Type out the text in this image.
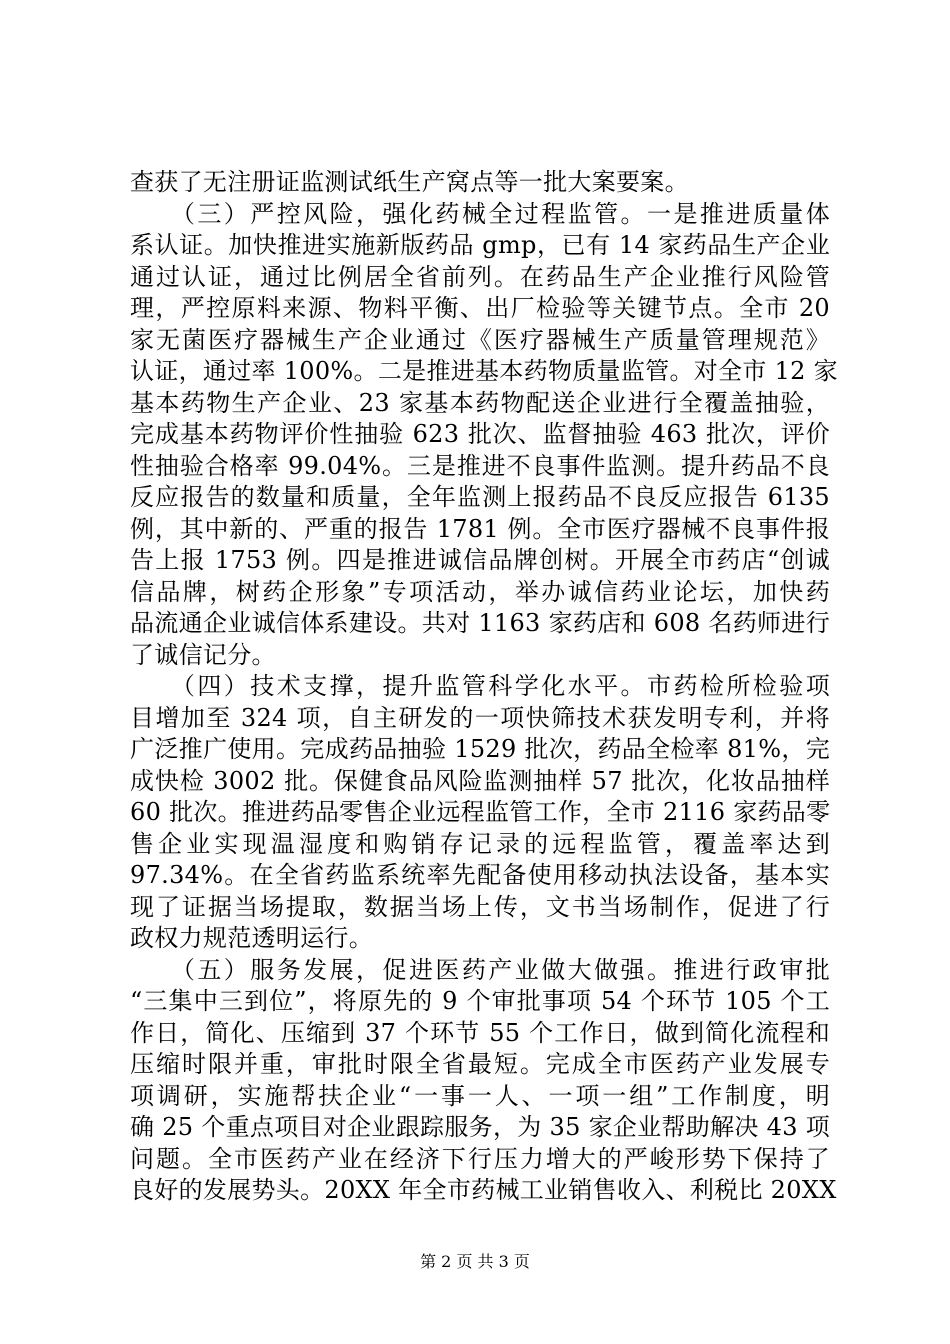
查获了无注册证监测试纸生产窝点等一批大案要案。
　　（三）严控风险，强化药械全过程监管。一是推进质量体
系认证。加快推进实施新版药品 gmp，已有 14 家药品生产企业
通过认证，通过比例居全省前列。在药品生产企业推行风险管
理，严控原料来源、物料平衡、出厂检验等关键节点。全市 20
家无菌医疗器械生产企业通过《医疗器械生产质量管理规范》
认证，通过率 100%。二是推进基本药物质量监管。对全市 12 家
基本药物生产企业、23 家基本药物配送企业进行全覆盖抽验，
完成基本药物评价性抽验 623 批次、监督抽验 463 批次，评价
性抽验合格率 99.04%。三是推进不良事件监测。提升药品不良
反应报告的数量和质量，全年监测上报药品不良反应报告 6135
例，其中新的、严重的报告 1781 例。全市医疗器械不良事件报
告上报 1753 例。四是推进诚信品牌创树。开展全市药店“创诚
信品牌，树药企形象”专项活动，举办诚信药业论坛，加快药
品流通企业诚信体系建设。共对 1163 家药店和 608 名药师进行
了诚信记分。
　　（四）技术支撑，提升监管科学化水平。市药检所检验项
目增加至 324 项，自主研发的一项快筛技术获发明专利，并将
广泛推广使用。完成药品抽验 1529 批次，药品全检率 81%，完
成快检 3002 批。保健食品风险监测抽样 57 批次，化妆品抽样
60 批次。推进药品零售企业远程监管工作，全市 2116 家药品零
售企业实现温湿度和购销存记录的远程监管，覆盖率达到
97.34%。在全省药监系统率先配备使用移动执法设备，基本实
现了证据当场提取，数据当场上传，文书当场制作，促进了行
政权力规范透明运行。
　　（五）服务发展，促进医药产业做大做强。推进行政审批
“三集中三到位”，将原先的 9 个审批事项 54 个环节 105 个工
作日，简化、压缩到 37 个环节 55 个工作日，做到简化流程和
压缩时限并重，审批时限全省最短。完成全市医药产业发展专
项调研，实施帮扶企业“一事一人、一项一组”工作制度，明
确 25 个重点项目对企业跟踪服务，为 35 家企业帮助解决 43 项
问题。全市医药产业在经济下行压力增大的严峻形势下保持了
良好的发展势头。20XX 年全市药械工业销售收入、利税比 20XX
第 2 页 共 3 页
